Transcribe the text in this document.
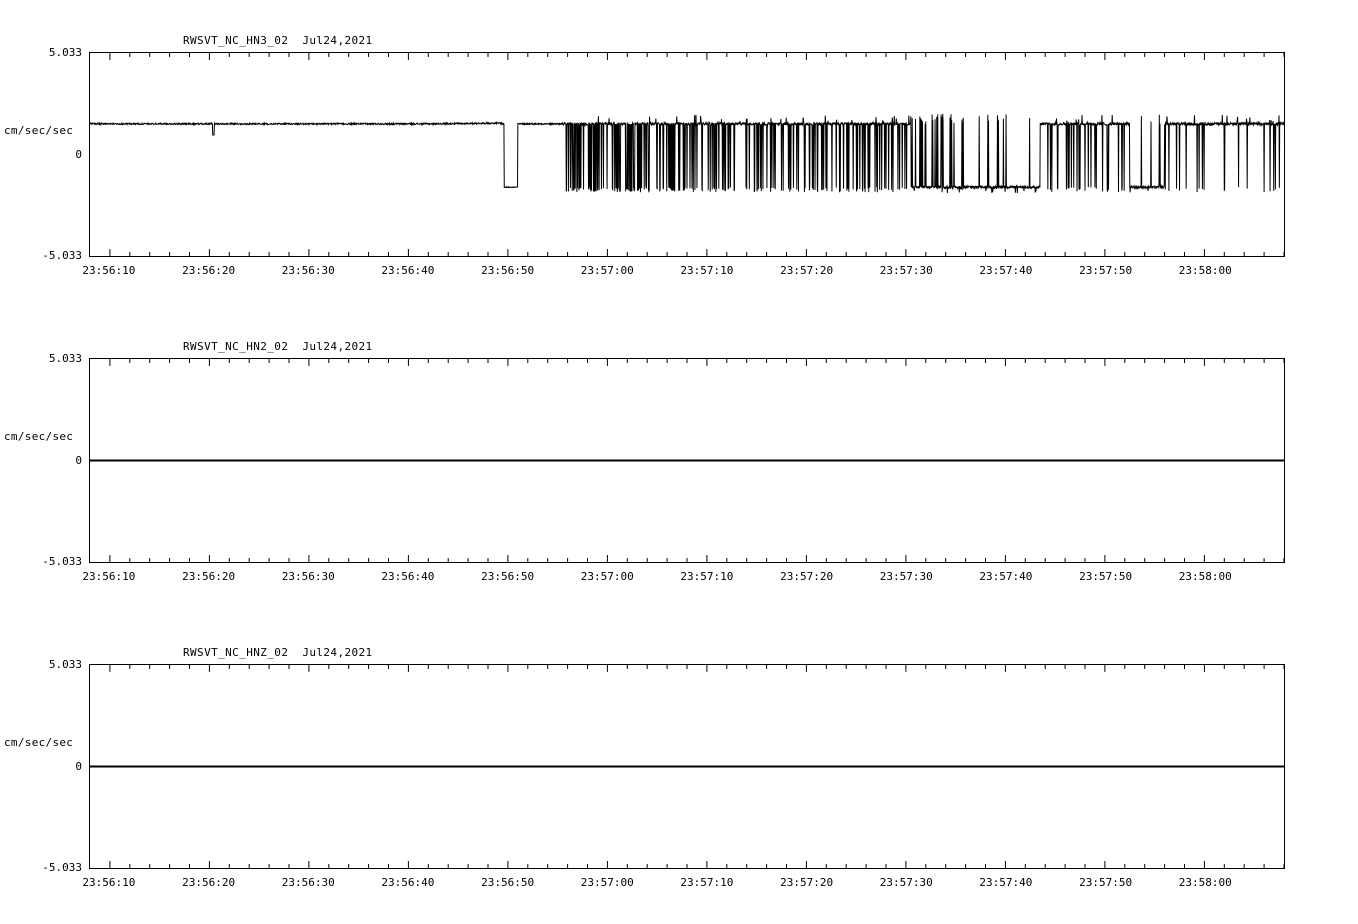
RWSVT_NC_HN3_02 Jul24,2021
cm/sec/sec
5.033
0
-5.033
23:56:10	23:56:20	23:56:30	23:56:40	23:56:50	23:57:00	23:57:10	23:57:20	23:57:30	23:57:40	23:57:50	23:58:00
RWSVT_NC_HN2_02 Jul24,2021
cm/sec/sec
5.033
0
-5.033
23:56:10	23:56:20	23:56:30	23:56:40	23:56:50	23:57:00	23:57:10	23:57:20	23:57:30	23:57:40	23:57:50	23:58:00
RWSVT_NC_HNZ_02 Jul24,2021
cm/sec/sec
5.033
0
-5.033
23:56:10	23:56:20	23:56:30	23:56:40	23:56:50	23:57:00	23:57:10	23:57:20	23:57:30	23:57:40	23:57:50	23:58:00
